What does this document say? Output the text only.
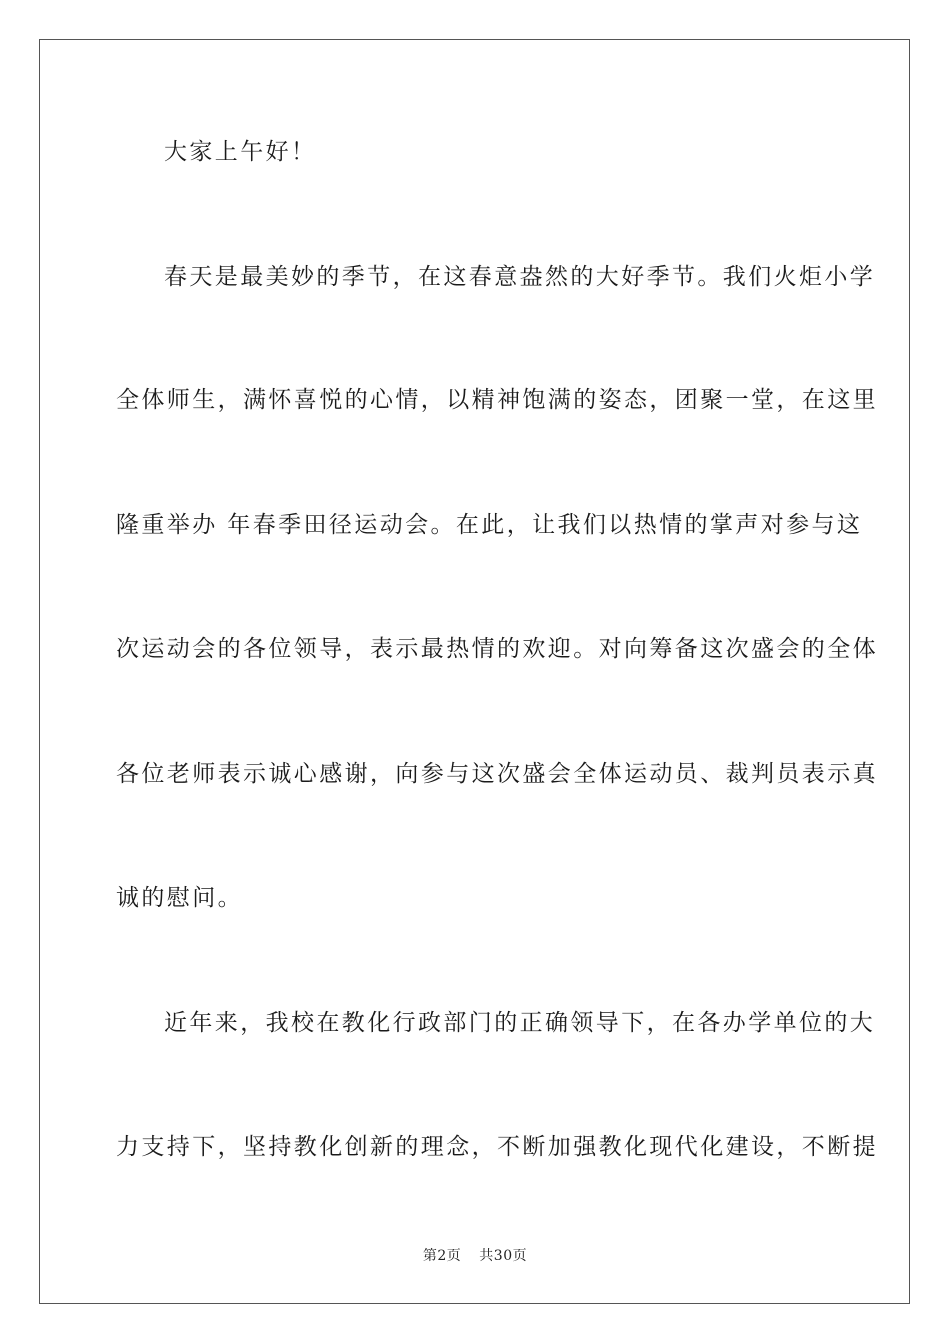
大家上午好！
春天是最美妙的季节，在这春意盎然的大好季节。我们火炬小学
全体师生，满怀喜悦的心情，以精神饱满的姿态，团聚一堂，在这里
隆重举办 年春季田径运动会。在此，让我们以热情的掌声对参与这
次运动会的各位领导，表示最热情的欢迎。对向筹备这次盛会的全体
各位老师表示诚心感谢，向参与这次盛会全体运动员、裁判员表示真
诚的慰问。
近年来，我校在教化行政部门的正确领导下，在各办学单位的大
力支持下，坚持教化创新的理念，不断加强教化现代化建设，不断提
第2页 共30页
